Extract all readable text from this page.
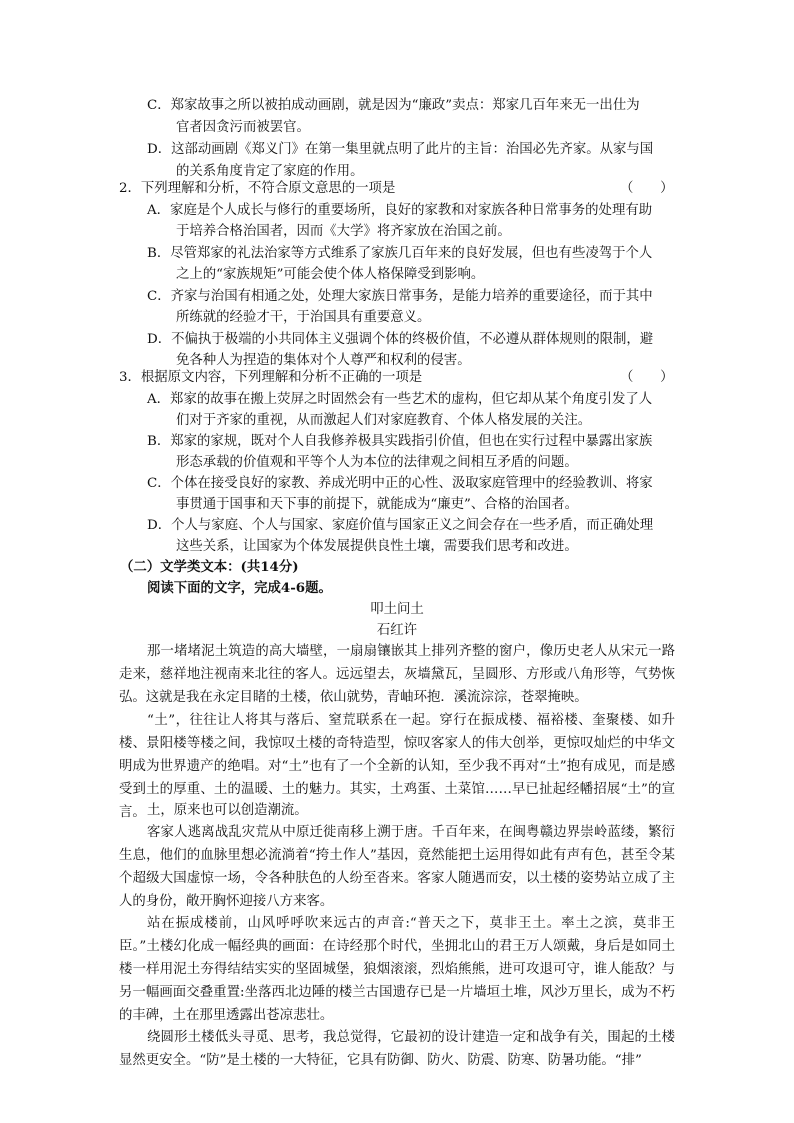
C．郑家故事之所以被拍成动画剧，就是因为“廉政”卖点：郑家几百年来无一出仕为
官者因贪污而被罢官。
D．这部动画剧《郑义门》在第一集里就点明了此片的主旨：治国必先齐家。从家与国
的关系角度肯定了家庭的作用。
2．下列理解和分析，不符合原文意思的一项是	（　　）
A．家庭是个人成长与修行的重要场所，良好的家教和对家族各种日常事务的处理有助
于培养合格治国者，因而《大学》将齐家放在治国之前。
B．尽管郑家的礼法治家等方式维系了家族几百年来的良好发展，但也有些凌驾于个人
之上的“家族规矩”可能会使个体人格保障受到影响。
C．齐家与治国有相通之处，处理大家族日常事务，是能力培养的重要途径，而于其中
所练就的经验才干，于治国具有重要意义。
D．不偏执于极端的小共同体主义强调个体的终极价值，不必遵从群体规则的限制，避
免各种人为捏造的集体对个人尊严和权利的侵害。
3．根据原文内容，下列理解和分析不正确的一项是	（　　）
A．郑家的故事在搬上荧屏之时固然会有一些艺术的虚构，但它却从某个角度引发了人
们对于齐家的重视，从而激起人们对家庭教育、个体人格发展的关注。
B．郑家的家规，既对个人自我修养极具实践指引价值，但也在实行过程中暴露出家族
形态承载的价值观和平等个人为本位的法律观之间相互矛盾的问题。
C．个体在接受良好的家教、养成光明中正的心性、汲取家庭管理中的经验教训、将家
事贯通于国事和天下事的前提下，就能成为“廉吏”、合格的治国者。
D．个人与家庭、个人与国家、家庭价值与国家正义之间会存在一些矛盾，而正确处理
这些关系，让国家为个体发展提供良性土壤，需要我们思考和改进。
（二）文学类文本：(共14分)
阅读下面的文字，完成4-6题。
叩土问土
石红许
那一堵堵泥土筑造的高大墙壁，一扇扇镶嵌其上排列齐整的窗户，像历史老人从宋元一路走来，慈祥地注视南来北往的客人。远远望去，灰墙黛瓦，呈圆形、方形或八角形等，气势恢弘。这就是我在永定目睹的土楼，依山就势，青岫环抱．溪流淙淙，苍翠掩映。
“土”，往往让人将其与落后、窒荒联系在一起。穿行在振成楼、福裕楼、奎聚楼、如升楼、景阳楼等楼之间，我惊叹土楼的奇特造型，惊叹客家人的伟大创举，更惊叹灿烂的中华文明成为世界遗产的绝唱。对“土”也有了一个全新的认知，至少我不再对“土”抱有成见，而是感受到土的厚重、土的温暖、土的魅力。其实，土鸡蛋、土菜馆……早已扯起经幡招展“土”的宣言。 土，原来也可以创造潮流。
客家人逃离战乱灾荒从中原迁徙南移上溯于唐。千百年来，在闽粤赣边界崇岭蓝缕，繁衍生息，他们的血脉里想必流淌着“挎土作人”基因，竟然能把土运用得如此有声有色，甚至令某个超级大国虚惊一场，令各种肤色的人纷至沓来。客家人随遇而安，以土楼的姿势站立成了主人的身份，敞开胸怀迎接八方来客。
站在振成楼前，山风呼呼吹来远古的声音:“普天之下，莫非王土。率土之滨，莫非王臣。”土楼幻化成一幅经典的画面：在诗经那个时代，坐拥北山的君王万人颂戴，身后是如同土楼一样用泥土夯得结结实实的坚固城堡，狼烟滚滚，烈焰熊熊，进可攻退可守，谁人能敌？与另一幅画面交叠重置:坐落西北边陲的楼兰古国遗存已是一片墙垣土堆，风沙万里长，成为不朽的丰碑，土在那里透露出苍凉悲壮。
绕圆形土楼低头寻觅、思考，我总觉得，它最初的设计建造一定和战争有关，围起的土楼显然更安全。“防”是土楼的一大特征，它具有防御、防火、防震、防寒、防暑功能。“排”
